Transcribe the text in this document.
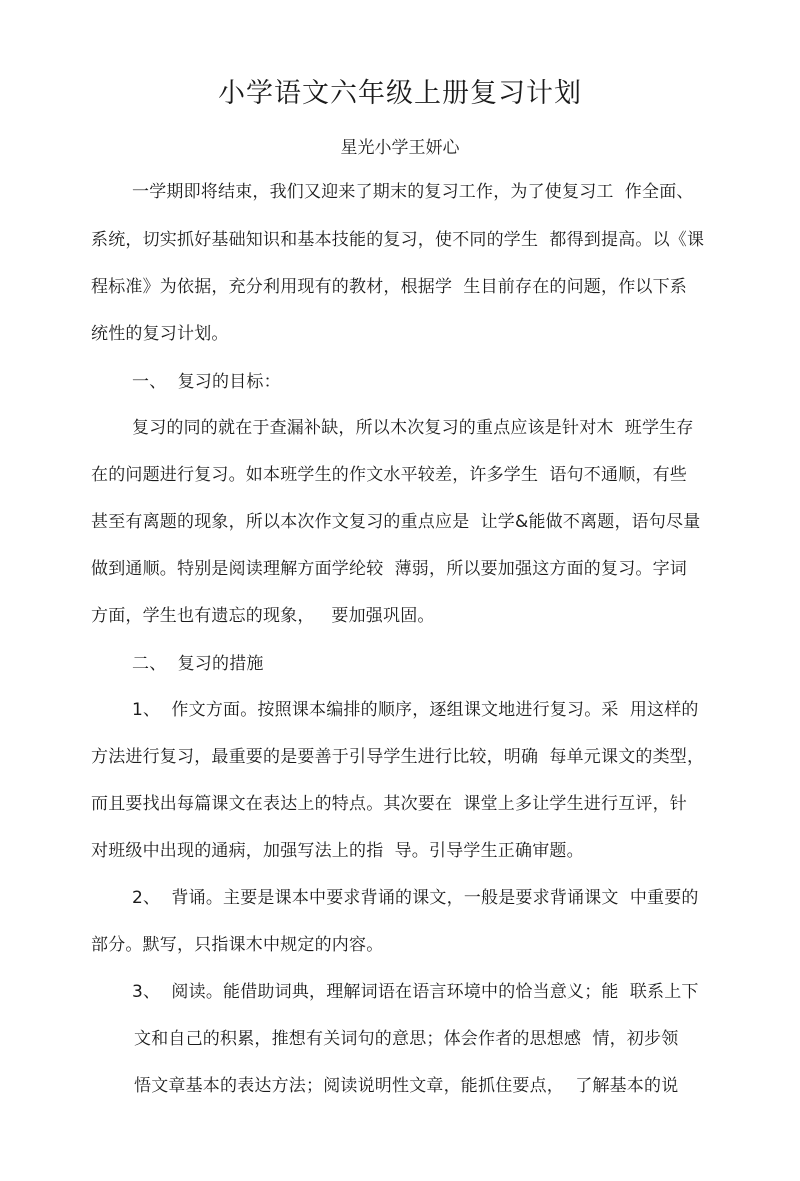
小学语文六年级上册复习计划
星光小学王妍心
一学期即将结束，我们又迎来了期末的复习工作，为了使复习工  作全面、
系统，切实抓好基础知识和基本技能的复习，使不同的学生  都得到提高。以《课
程标准》为依据，充分利用现有的教材，根据学  生目前存在的问题，作以下系
统性的复习计划。
一、  复习的目标：
复习的同的就在于查漏补缺，所以木次复习的重点应该是针对木  班学生存
在的问题进行复习。如本班学生的作文水平较差，许多学生  语句不通顺，有些
甚至有离题的现象，所以本次作文复习的重点应是  让学&能做不离题，语句尽量
做到通顺。特别是阅读理解方面学纶较  薄弱，所以要加强这方面的复习。字词
方面，学生也有遗忘的现象，   要加强巩固。
二、  复习的措施
1、  作文方面。按照课本编排的顺序，逐组课文地进行复习。采  用这样的
方法进行复习，最重要的是要善于引导学生进行比较，明确  每单元课文的类型，
而且要找出每篇课文在表达上的特点。其次要在  课堂上多让学生进行互评，针
对班级中出现的通病，加强写法上的指  导。引导学生正确审题。
2、  背诵。主要是课本中要求背诵的课文，一般是要求背诵课文  中重要的
部分。默写，只指课木中规定的内容。
3、  阅读。能借助词典，理解词语在语言环境中的恰当意义；能  联系上下
文和自己的积累，推想有关词句的意思；体会作者的思想感  情，初步领
悟文章基本的表达方法；阅读说明性文章，能抓住要点，  了解基本的说
